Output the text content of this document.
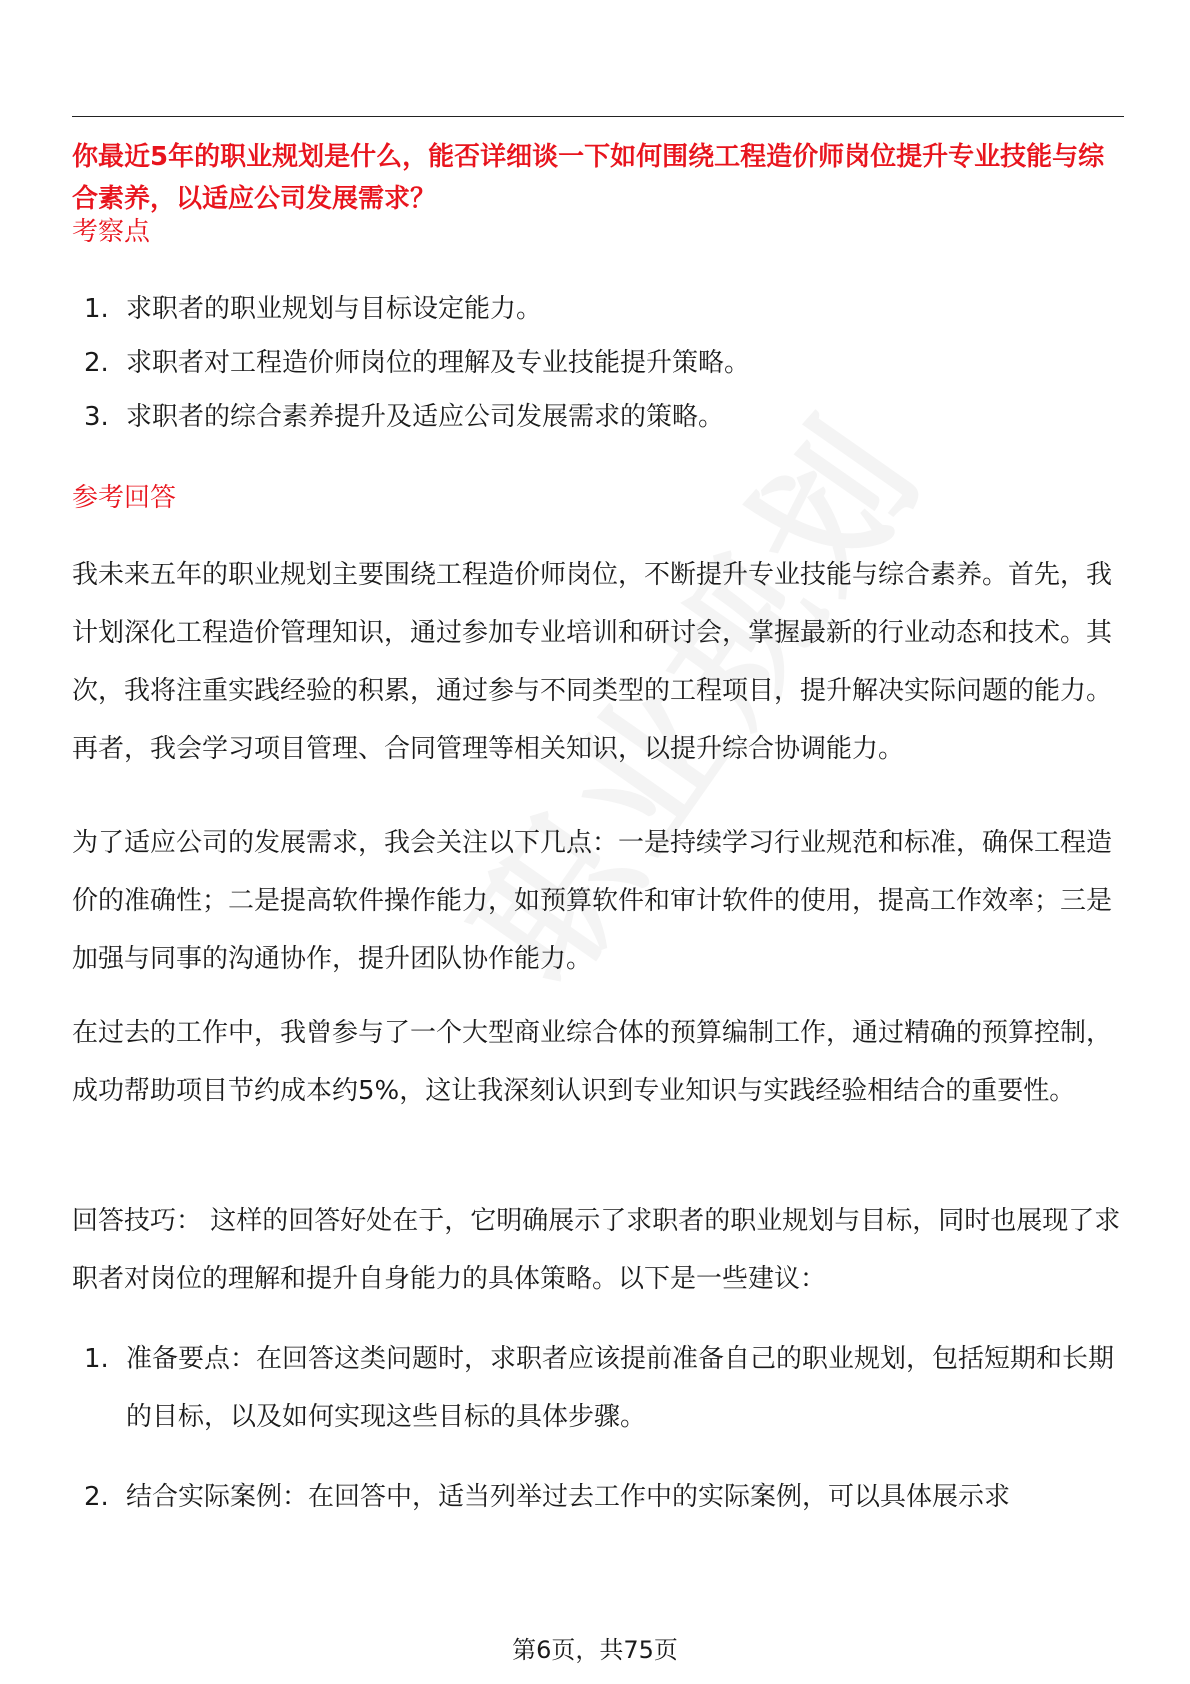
你最近5年的职业规划是什么，能否详细谈一下如何围绕工程造价师岗位提升专业技能与综合素养，以适应公司发展需求？
考察点
1. 求职者的职业规划与目标设定能力。
2. 求职者对工程造价师岗位的理解及专业技能提升策略。
3. 求职者的综合素养提升及适应公司发展需求的策略。
参考回答

我未来五年的职业规划主要围绕工程造价师岗位，不断提升专业技能与综合素养。首先，我计划深化工程造价管理知识，通过参加专业培训和研讨会，掌握最新的行业动态和技术。其次，我将注重实践经验的积累，通过参与不同类型的工程项目，提升解决实际问题的能力。再者，我会学习项目管理、合同管理等相关知识，以提升综合协调能力。

为了适应公司的发展需求，我会关注以下几点：一是持续学习行业规范和标准，确保工程造价的准确性；二是提高软件操作能力，如预算软件和审计软件的使用，提高工作效率；三是加强与同事的沟通协作，提升团队协作能力。

在过去的工作中，我曾参与了一个大型商业综合体的预算编制工作，通过精确的预算控制，成功帮助项目节约成本约5%，这让我深刻认识到专业知识与实践经验相结合的重要性。

回答技巧： 这样的回答好处在于，它明确展示了求职者的职业规划与目标，同时也展现了求职者对岗位的理解和提升自身能力的具体策略。以下是一些建议：

1. 准备要点：在回答这类问题时，求职者应该提前准备自己的职业规划，包括短期和长期的目标，以及如何实现这些目标的具体步骤。
2. 结合实际案例：在回答中，适当列举过去工作中的实际案例，可以具体展示求
第6页，共75页
